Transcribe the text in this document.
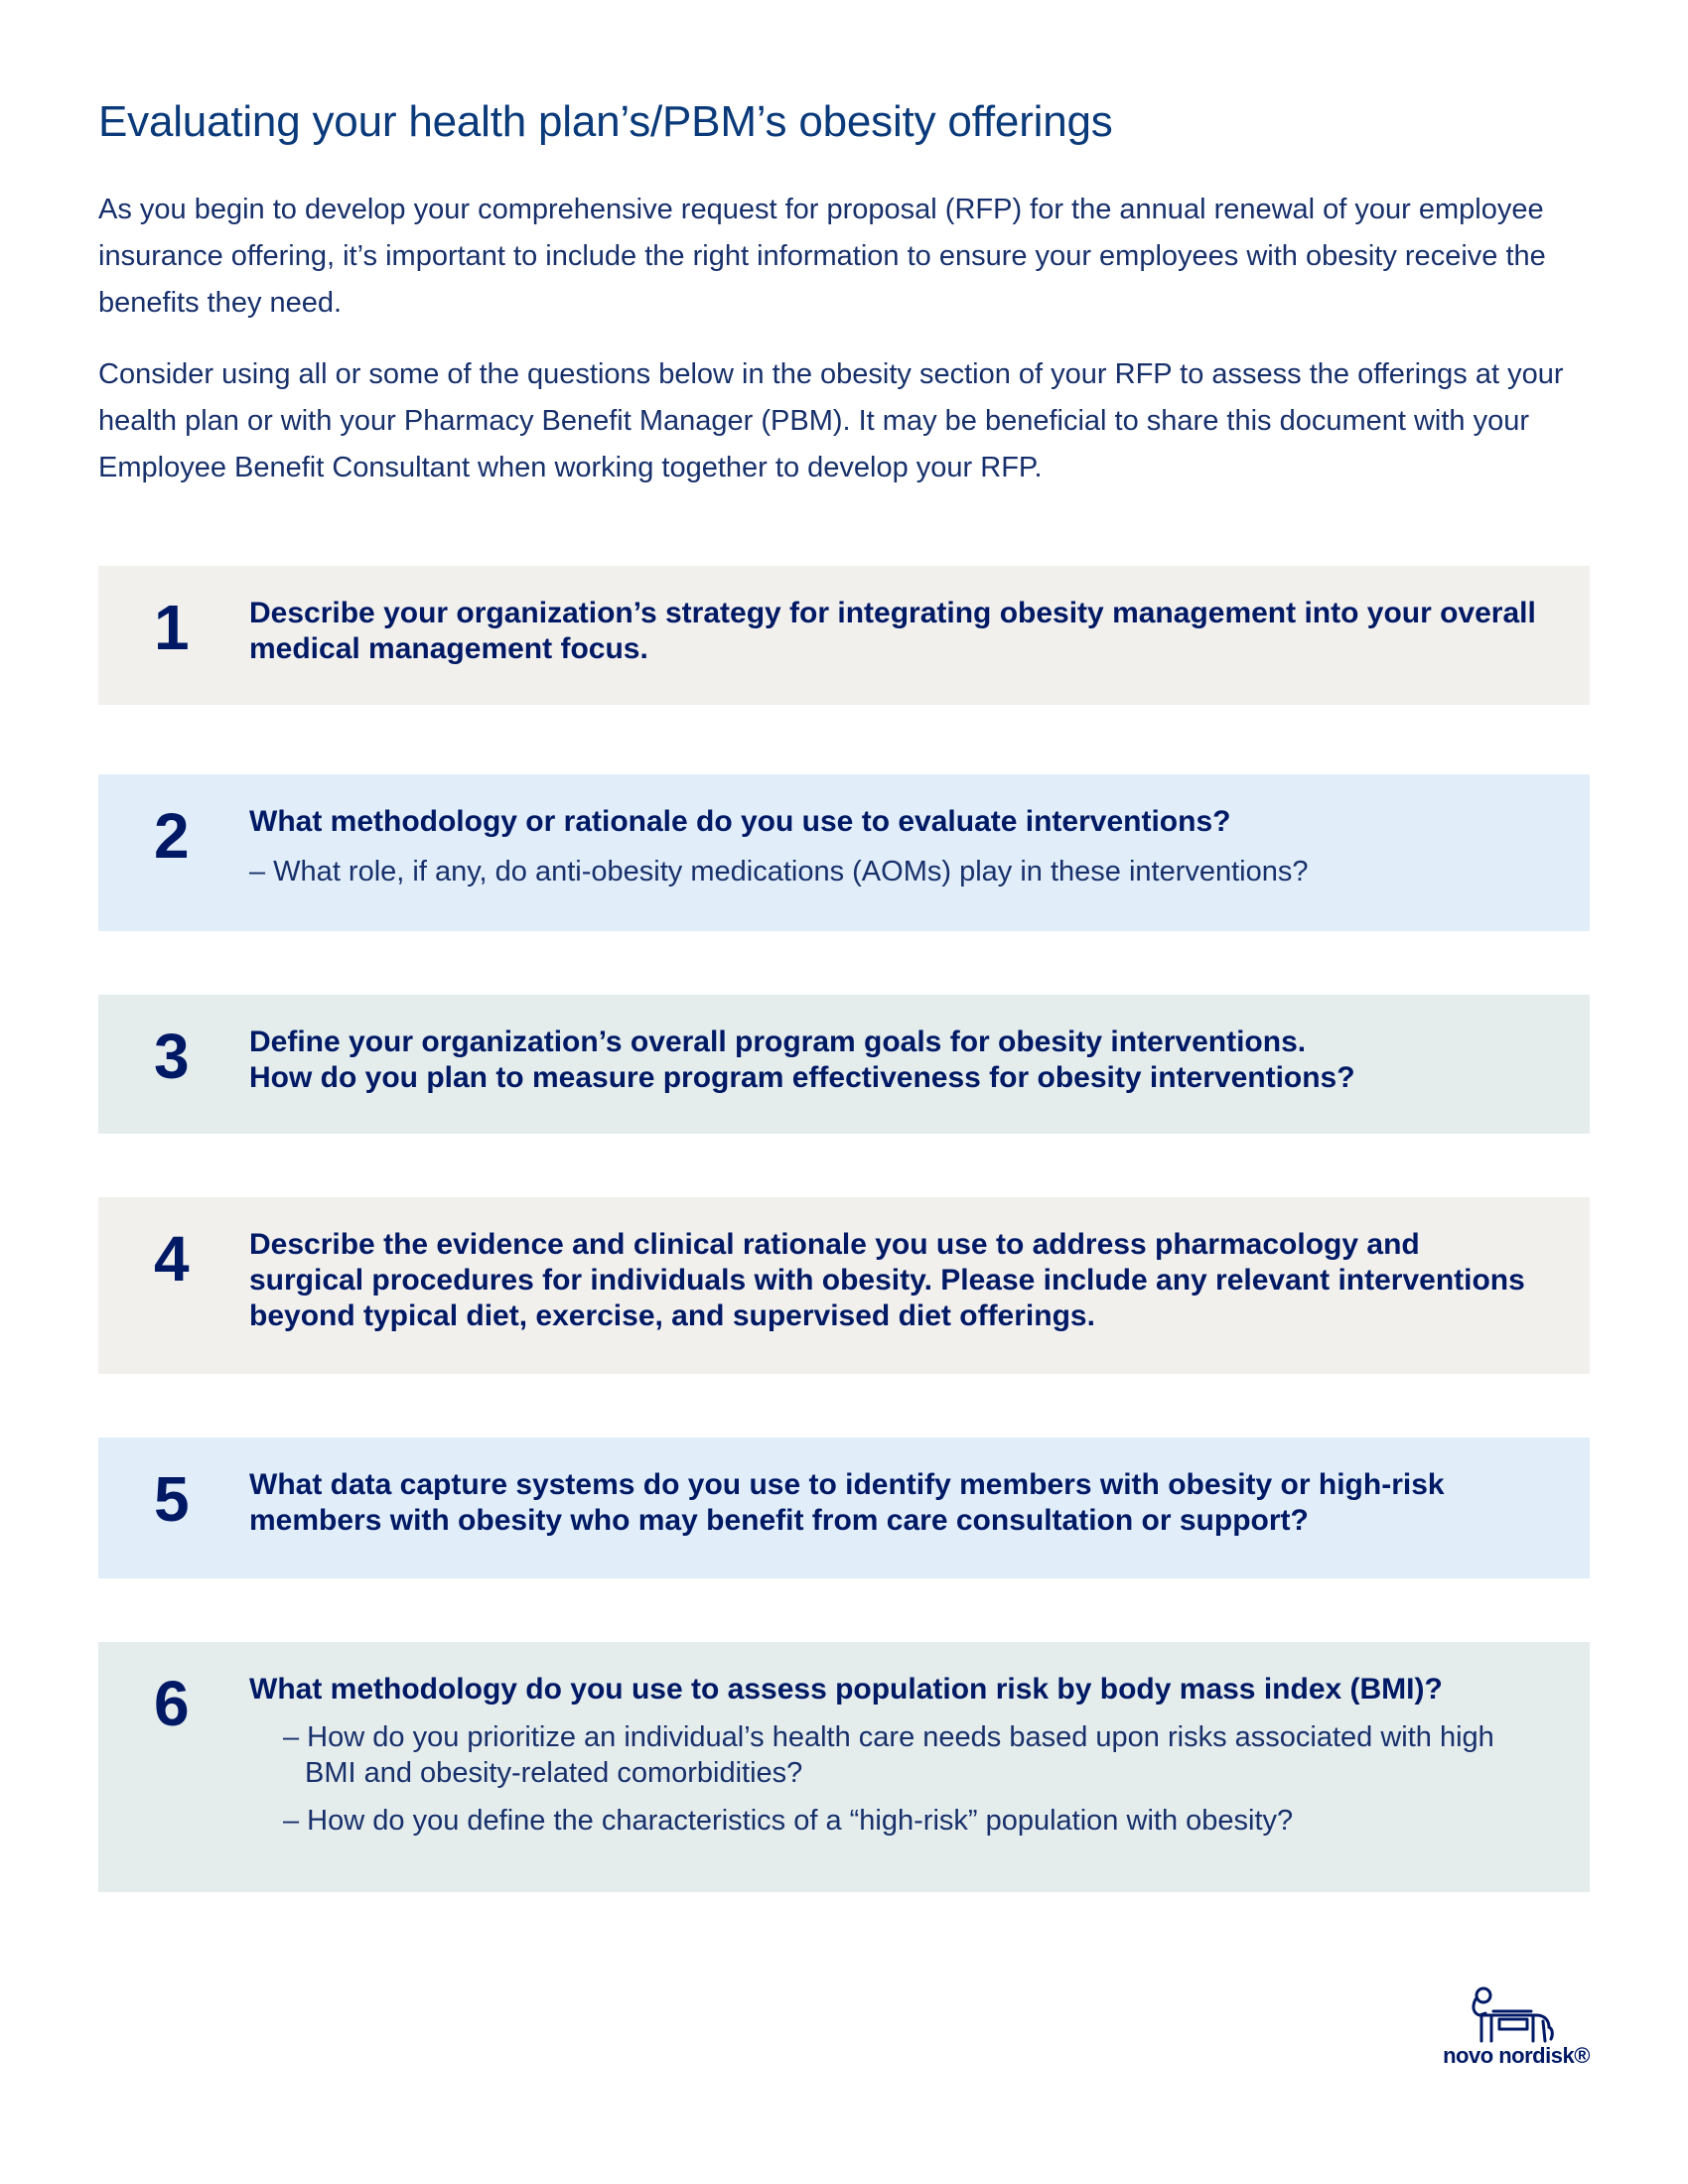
Evaluating your health plan’s/PBM’s obesity offerings

As you begin to develop your comprehensive request for proposal (RFP) for the annual renewal of your employee insurance offering, it’s important to include the right information to ensure your employees with obesity receive the benefits they need.

Consider using all or some of the questions below in the obesity section of your RFP to assess the offerings at your health plan or with your Pharmacy Benefit Manager (PBM). It may be beneficial to share this document with your Employee Benefit Consultant when working together to develop your RFP.

1 Describe your organization’s strategy for integrating obesity management into your overall medical management focus.

2 What methodology or rationale do you use to evaluate interventions?

– What role, if any, do anti-obesity medications (AOMs) play in these interventions?

3 Define your organization’s overall program goals for obesity interventions.

How do you plan to measure program effectiveness for obesity interventions?

4 Describe the evidence and clinical rationale you use to address pharmacology and surgical procedures for individuals with obesity. Please include any relevant interventions beyond typical diet, exercise, and supervised diet offerings.

5 What data capture systems do you use to identify members with obesity or high-risk members with obesity who may benefit from care consultation or support?

6 What methodology do you use to assess population risk by body mass index (BMI)?

– How do you prioritize an individual’s health care needs based upon risks associated with high BMI and obesity-related comorbidities?

– How do you define the characteristics of a “high-risk” population with obesity?

novo nordisk®
